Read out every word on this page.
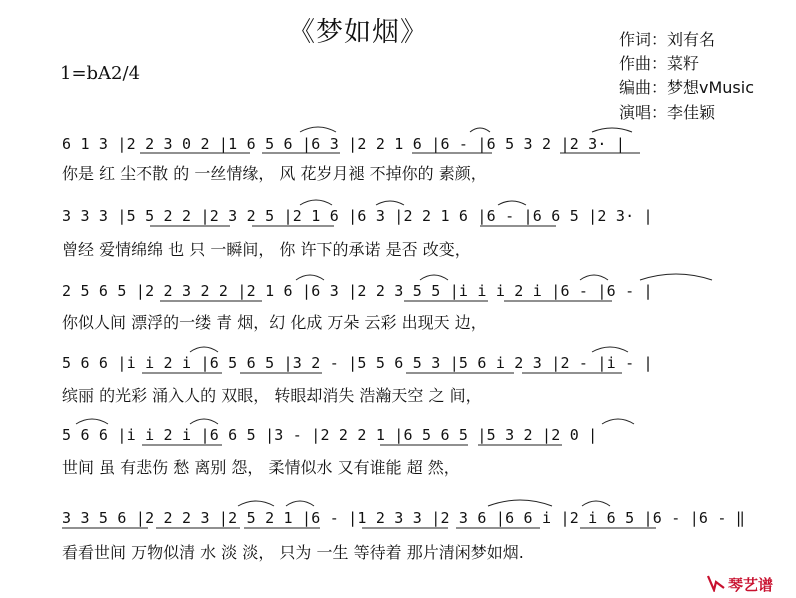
《梦如烟》
1=bA2/4
作词：刘有名
作曲：菜籽
编曲：梦想vMusic
演唱：李佳颖
6 1 3 |2 2 3 0 2 |1 6 5 6 |6 3 |2 2 1 6 |6 - |6 5 3 2 |2 3· |
你是 红 尘不散 的 一丝情缘， 风 花岁月褪 不掉你的 素颜，
3 3 3 |5 5 2 2 |2 3 2 5 |2 1 6 |6 3 |2 2 1 6 |6 - |6 6 5 |2 3· |
曾经 爱情绵绵 也 只 一瞬间， 你 许下的承诺 是否 改变，
2 5 6 5 |2 2 3 2 2 |2 1 6 |6 3 |2 2 3 5 5 |i i i 2 i |6 - |6 - |
你似人间 漂浮的一缕 青 烟，幻 化成 万朵 云彩 出现天 边，
5 6 6 |i i 2 i |6 5 6 5 |3 2 - |5 5 6 5 3 |5 6 i 2 3 |2 - |i - |
缤丽 的光彩 涌入人的 双眼， 转眼却消失 浩瀚天空 之 间，
5 6 6 |i i 2 i |6 6 5 |3 - |2 2 2 1 |6 5 6 5 |5 3 2 |2 0 |
世间 虽 有悲伤 愁 离别 怨， 柔情似水 又有谁能 超 然，
3 3 5 6 |2 2 2 3 |2 5 2 1 |6 - |1 2 3 3 |2 3 6 |6 6 i |2 i 6 5 |6 - |6 - ‖
看看世间 万物似清 水 淡 淡， 只为 一生 等待着 那片清闲梦如烟.
琴艺谱
